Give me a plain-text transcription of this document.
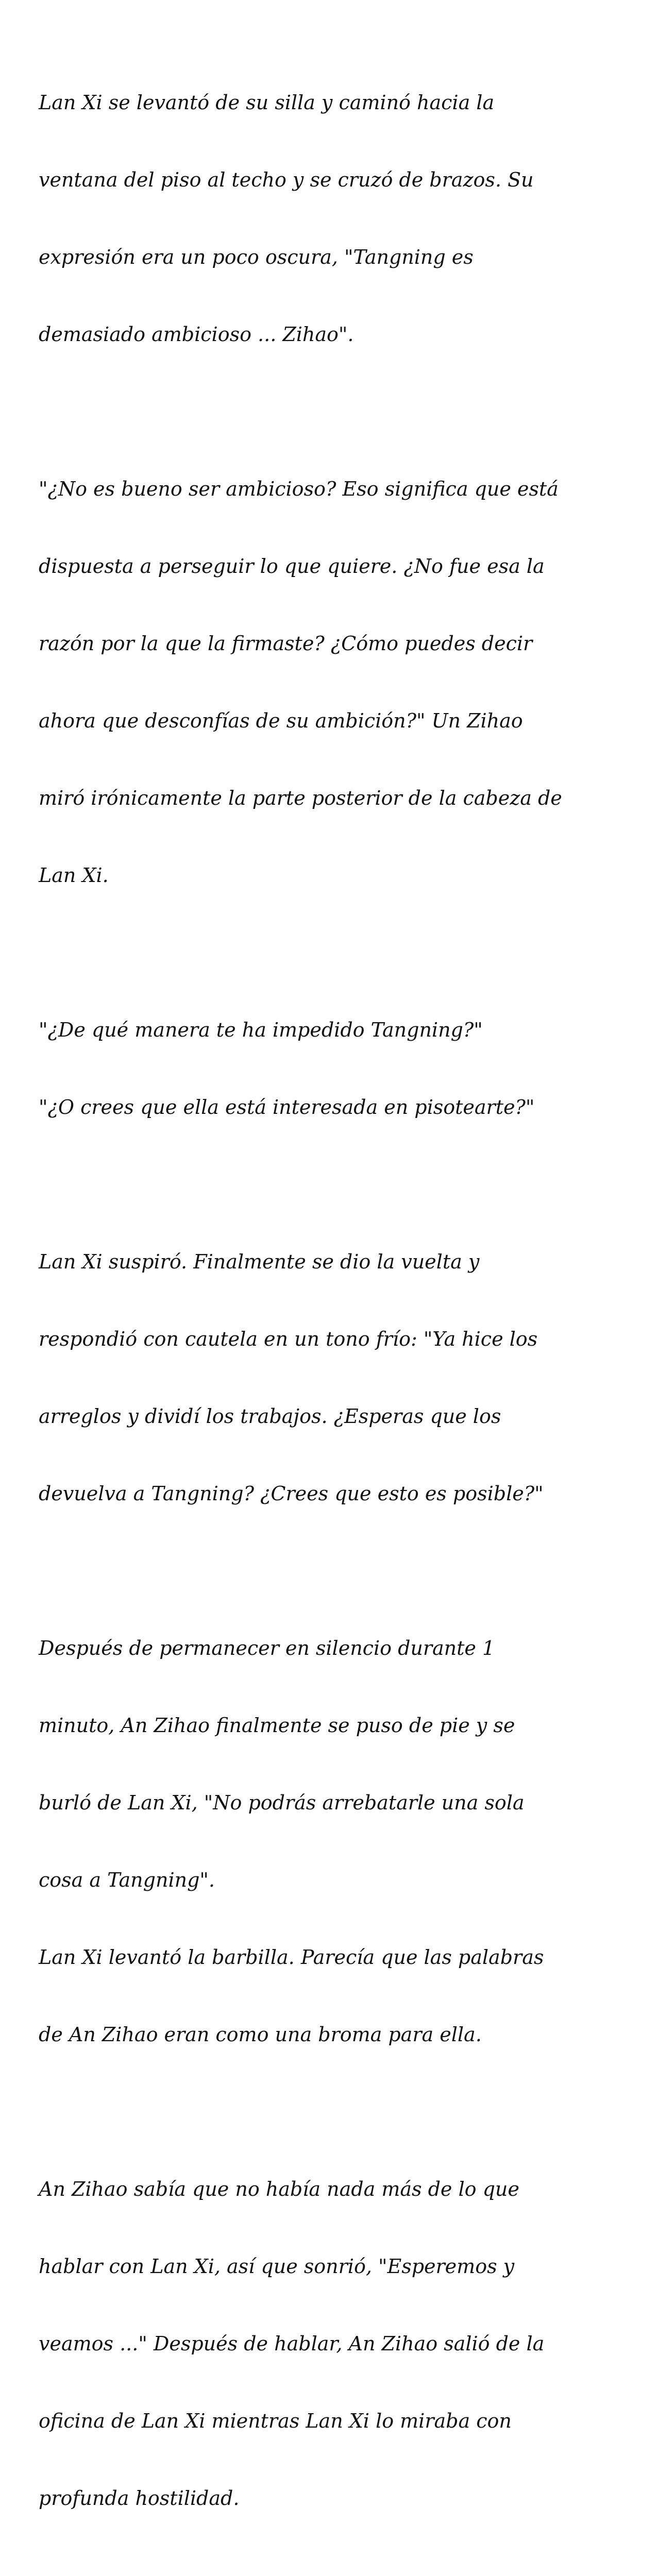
Lan Xi se levantó de su silla y caminó hacia la

ventana del piso al techo y se cruzó de brazos. Su

expresión era un poco oscura, "Tangning es

demasiado ambicioso ... Zihao".

"¿No es bueno ser ambicioso? Eso significa que está

dispuesta a perseguir lo que quiere. ¿No fue esa la

razón por la que la firmaste? ¿Cómo puedes decir

ahora que desconfías de su ambición?" Un Zihao

miró irónicamente la parte posterior de la cabeza de

Lan Xi.

"¿De qué manera te ha impedido Tangning?"

"¿O crees que ella está interesada en pisotearte?"

Lan Xi suspiró. Finalmente se dio la vuelta y

respondió con cautela en un tono frío: "Ya hice los

arreglos y dividí los trabajos. ¿Esperas que los

devuelva a Tangning? ¿Crees que esto es posible?"

Después de permanecer en silencio durante 1

minuto, An Zihao finalmente se puso de pie y se

burló de Lan Xi, "No podrás arrebatarle una sola

cosa a Tangning".

Lan Xi levantó la barbilla. Parecía que las palabras

de An Zihao eran como una broma para ella.

An Zihao sabía que no había nada más de lo que

hablar con Lan Xi, así que sonrió, "Esperemos y

veamos ..." Después de hablar, An Zihao salió de la

oficina de Lan Xi mientras Lan Xi lo miraba con

profunda hostilidad.
